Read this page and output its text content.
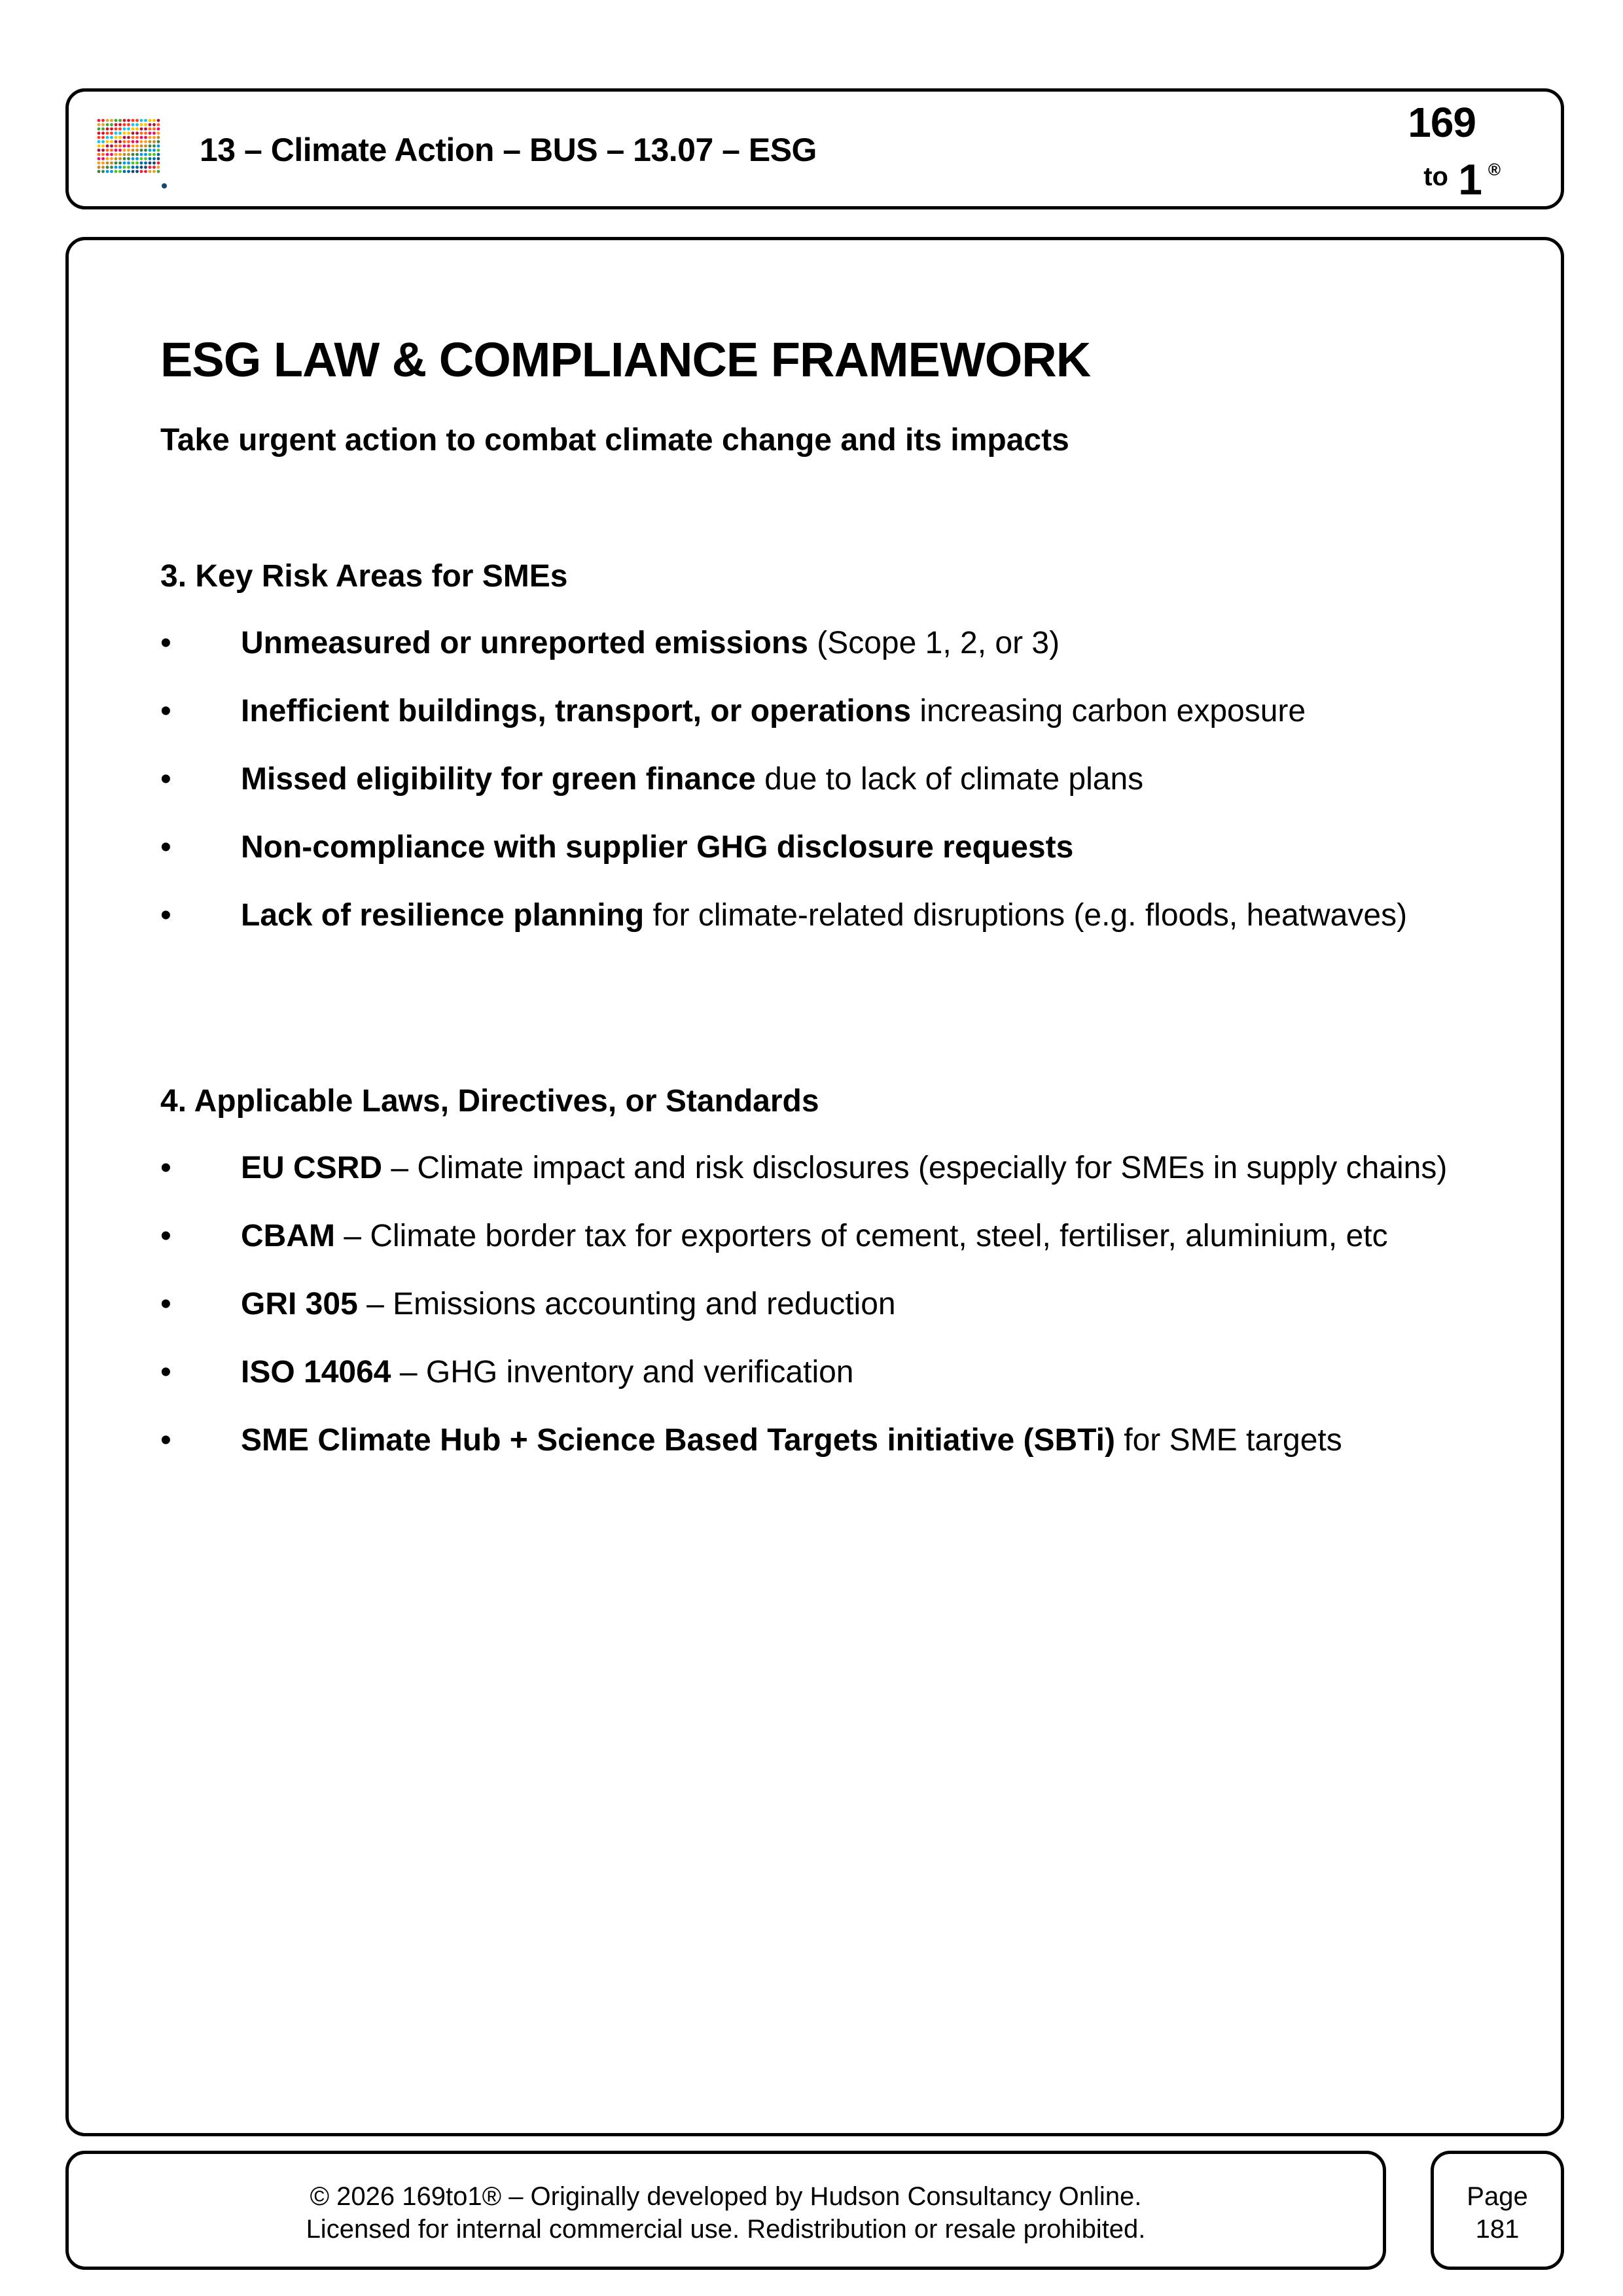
13 – Climate Action – BUS – 13.07 – ESG
169
to 1 ®
ESG LAW & COMPLIANCE FRAMEWORK

Take urgent action to combat climate change and its impacts

3. Key Risk Areas for SMEs
• Unmeasured or unreported emissions (Scope 1, 2, or 3)
• Inefficient buildings, transport, or operations increasing carbon exposure
• Missed eligibility for green finance due to lack of climate plans
• Non-compliance with supplier GHG disclosure requests
• Lack of resilience planning for climate-related disruptions (e.g. floods, heatwaves)
4. Applicable Laws, Directives, or Standards
• EU CSRD – Climate impact and risk disclosures (especially for SMEs in supply chains)
• CBAM – Climate border tax for exporters of cement, steel, fertiliser, aluminium, etc
• GRI 305 – Emissions accounting and reduction
• ISO 14064 – GHG inventory and verification
• SME Climate Hub + Science Based Targets initiative (SBTi) for SME targets
© 2026 169to1® – Originally developed by Hudson Consultancy Online.
Licensed for internal commercial use. Redistribution or resale prohibited.
Page
181
